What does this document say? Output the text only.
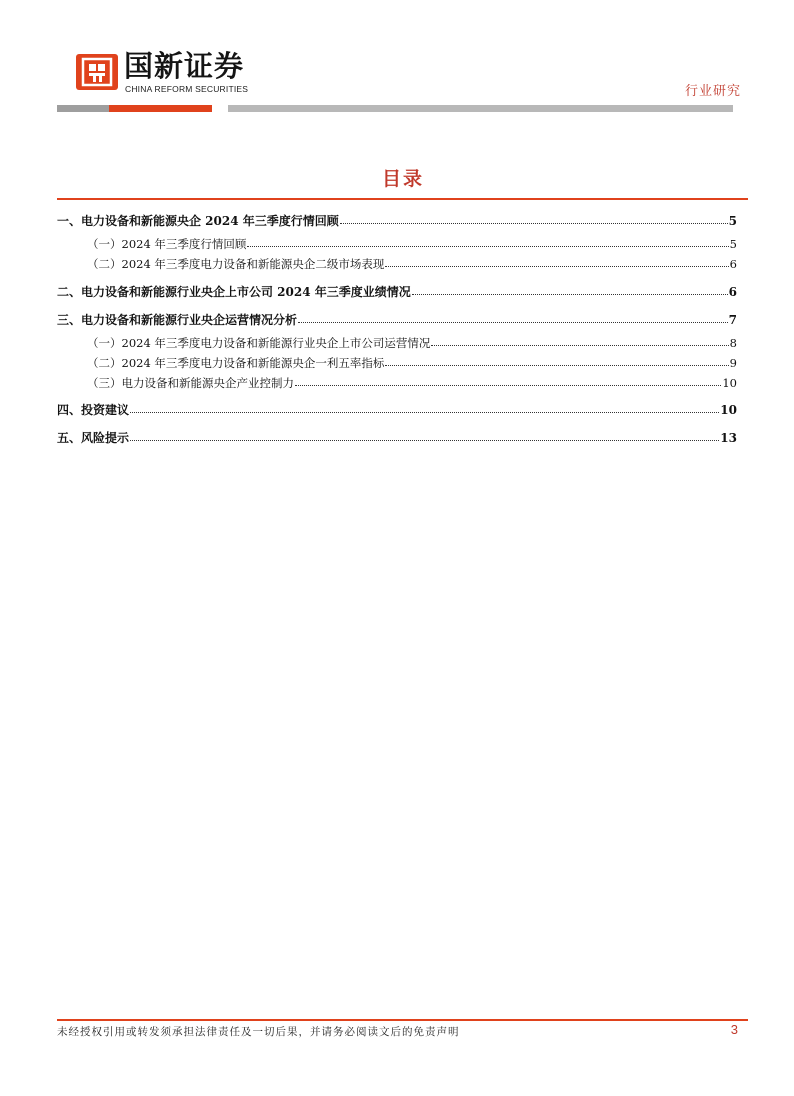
国新证券
CHINA REFORM SECURITIES	行业研究
目录
一、电力设备和新能源央企 2024 年三季度行情回顾	5
（一）2024 年三季度行情回顾	5
（二）2024 年三季度电力设备和新能源央企二级市场表现	6
二、电力设备和新能源行业央企上市公司 2024 年三季度业绩情况	6
三、电力设备和新能源行业央企运营情况分析	7
（一）2024 年三季度电力设备和新能源行业央企上市公司运营情况	8
（二）2024 年三季度电力设备和新能源央企一利五率指标	9
（三）电力设备和新能源央企产业控制力	10
四、投资建议	10
五、风险提示	13
未经授权引用或转发须承担法律责任及一切后果，并请务必阅读文后的免责声明	3
